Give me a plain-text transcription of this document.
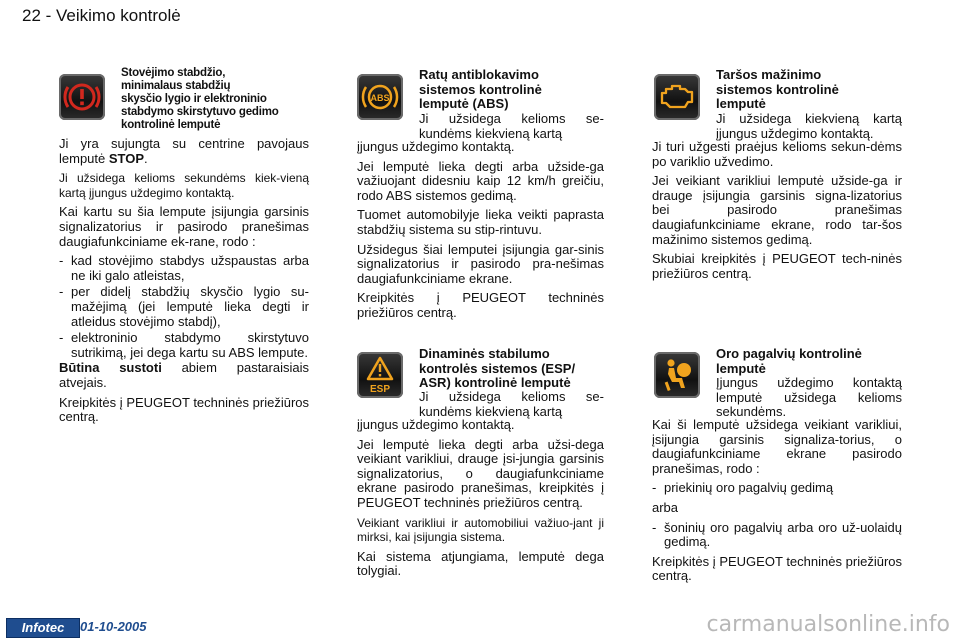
22 - Veikimo kontrolė
Stovėjimo stabdžio,
minimalaus stabdžių
skysčio lygio ir elektroninio
stabdymo skirstytuvo gedimo
kontrolinė lemputė

Ji yra sujungta su centrine pavojaus lemputė STOP.

Ji užsidega kelioms sekundėms kiek-vieną kartą įjungus uždegimo kontaktą.

Kai kartu su šia lempute įsijungia garsinis signalizatorius ir pasirodo pranešimas daugiafunkciniame ek-rane, rodo :

- kad stovėjimo stabdys užspaustas arba ne iki galo atleistas,
- per didelį stabdžių skysčio lygio su-mažėjimą (jei lemputė lieka degti ir atleidus stovėjimo stabdį),
- elektroninio stabdymo skirstytuvo sutrikimą, jei dega kartu su ABS lempute.

Būtina sustoti abiem pastaraisiais atvejais.

Kreipkitės į PEUGEOT techninės priežiūros centrą.

ABS
Ratų antiblokavimo
sistemos kontrolinė
lemputė (ABS)
Ji užsidega kelioms se-kundėms kiekvieną kartą

įjungus uždegimo kontaktą.

Jei lemputė lieka degti arba užside-ga važiuojant didesniu kaip 12 km/h greičiu, rodo ABS sistemos gedimą.

Tuomet automobilyje lieka veikti paprasta stabdžių sistema su stip-rintuvu.

Užsidegus šiai lemputei įsijungia gar-sinis signalizatorius ir pasirodo pra-nešimas daugiafunkciniame ekrane.

Kreipkitės į PEUGEOT techninės priežiūros centrą.

ESP
Dinaminės stabilumo
kontrolės sistemos (ESP/
ASR) kontrolinė lemputė
Ji užsidega kelioms se-kundėms kiekvieną kartą

įjungus uždegimo kontaktą.

Jei lemputė lieka degti arba užsi-dega veikiant varikliui, drauge įsi-jungia garsinis signalizatorius, o daugiafunkciniame ekrane pasirodo pranešimas, kreipkitės į PEUGEOT techninės priežiūros centrą.

Veikiant varikliui ir automobiliui važiuo-jant ji mirksi, kai įsijungia sistema.

Kai sistema atjungiama, lemputė dega tolygiai.

Taršos mažinimo
sistemos kontrolinė
lemputė
Ji užsidega kiekvieną kartą įjungus uždegimo kontaktą.

Ji turi užgesti praėjus kelioms sekun-dėms po variklio užvedimo.

Jei veikiant varikliui lemputė užside-ga ir drauge įsijungia garsinis signa-lizatorius bei pasirodo pranešimas daugiafunkciniame ekrane, rodo tar-šos mažinimo sistemos gedimą.

Skubiai kreipkitės į PEUGEOT tech-ninės priežiūros centrą.

Oro pagalvių kontrolinė
lemputė
Įjungus uždegimo kontaktą lemputė užsidega kelioms sekundėms.

Kai ši lemputė užsidega veikiant varikliui, įsijungia garsinis signaliza-torius, o daugiafunkciniame ekrane pasirodo pranešimas, rodo :

- priekinių oro pagalvių gedimą

arba

- šoninių oro pagalvių arba oro už-uolaidų gedimą.

Kreipkitės į PEUGEOT techninės priežiūros centrą.

Infotec	01-10-2005	carmanualsonline.info
